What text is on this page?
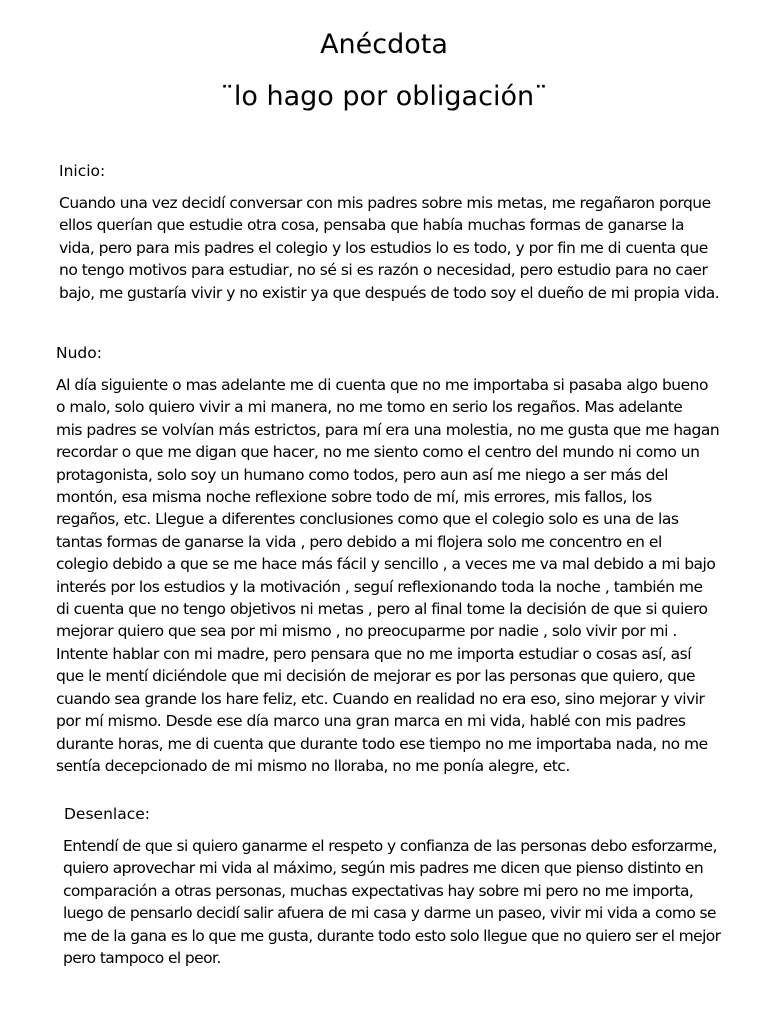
Anécdota
¨lo hago por obligación¨
Inicio:
Cuando una vez decidí conversar con mis padres sobre mis metas, me regañaron porque
ellos querían que estudie otra cosa, pensaba que había muchas formas de ganarse la
vida, pero para mis padres el colegio y los estudios lo es todo, y por fin me di cuenta que
no tengo motivos para estudiar, no sé si es razón o necesidad, pero estudio para no caer
bajo, me gustaría vivir y no existir ya que después de todo soy el dueño de mi propia vida.
Nudo:
Al día siguiente o mas adelante me di cuenta que no me importaba si pasaba algo bueno
o malo, solo quiero vivir a mi manera, no me tomo en serio los regaños. Mas adelante
mis padres se volvían más estrictos, para mí era una molestia, no me gusta que me hagan
recordar o que me digan que hacer, no me siento como el centro del mundo ni como un
protagonista, solo soy un humano como todos, pero aun así me niego a ser más del
montón, esa misma noche reflexione sobre todo de mí, mis errores, mis fallos, los
regaños, etc. Llegue a diferentes conclusiones como que el colegio solo es una de las
tantas formas de ganarse la vida , pero debido a mi flojera solo me concentro en el
colegio debido a que se me hace más fácil y sencillo , a veces me va mal debido a mi bajo
interés por los estudios y la motivación , seguí reflexionando toda la noche , también me
di cuenta que no tengo objetivos ni metas , pero al final tome la decisión de que si quiero
mejorar quiero que sea por mi mismo , no preocuparme por nadie , solo vivir por mi .
Intente hablar con mi madre, pero pensara que no me importa estudiar o cosas así, así
que le mentí diciéndole que mi decisión de mejorar es por las personas que quiero, que
cuando sea grande los hare feliz, etc. Cuando en realidad no era eso, sino mejorar y vivir
por mí mismo. Desde ese día marco una gran marca en mi vida, hablé con mis padres
durante horas, me di cuenta que durante todo ese tiempo no me importaba nada, no me
sentía decepcionado de mi mismo no lloraba, no me ponía alegre, etc.
Desenlace:
Entendí de que si quiero ganarme el respeto y confianza de las personas debo esforzarme,
quiero aprovechar mi vida al máximo, según mis padres me dicen que pienso distinto en
comparación a otras personas, muchas expectativas hay sobre mi pero no me importa,
luego de pensarlo decidí salir afuera de mi casa y darme un paseo, vivir mi vida a como se
me de la gana es lo que me gusta, durante todo esto solo llegue que no quiero ser el mejor
pero tampoco el peor.
